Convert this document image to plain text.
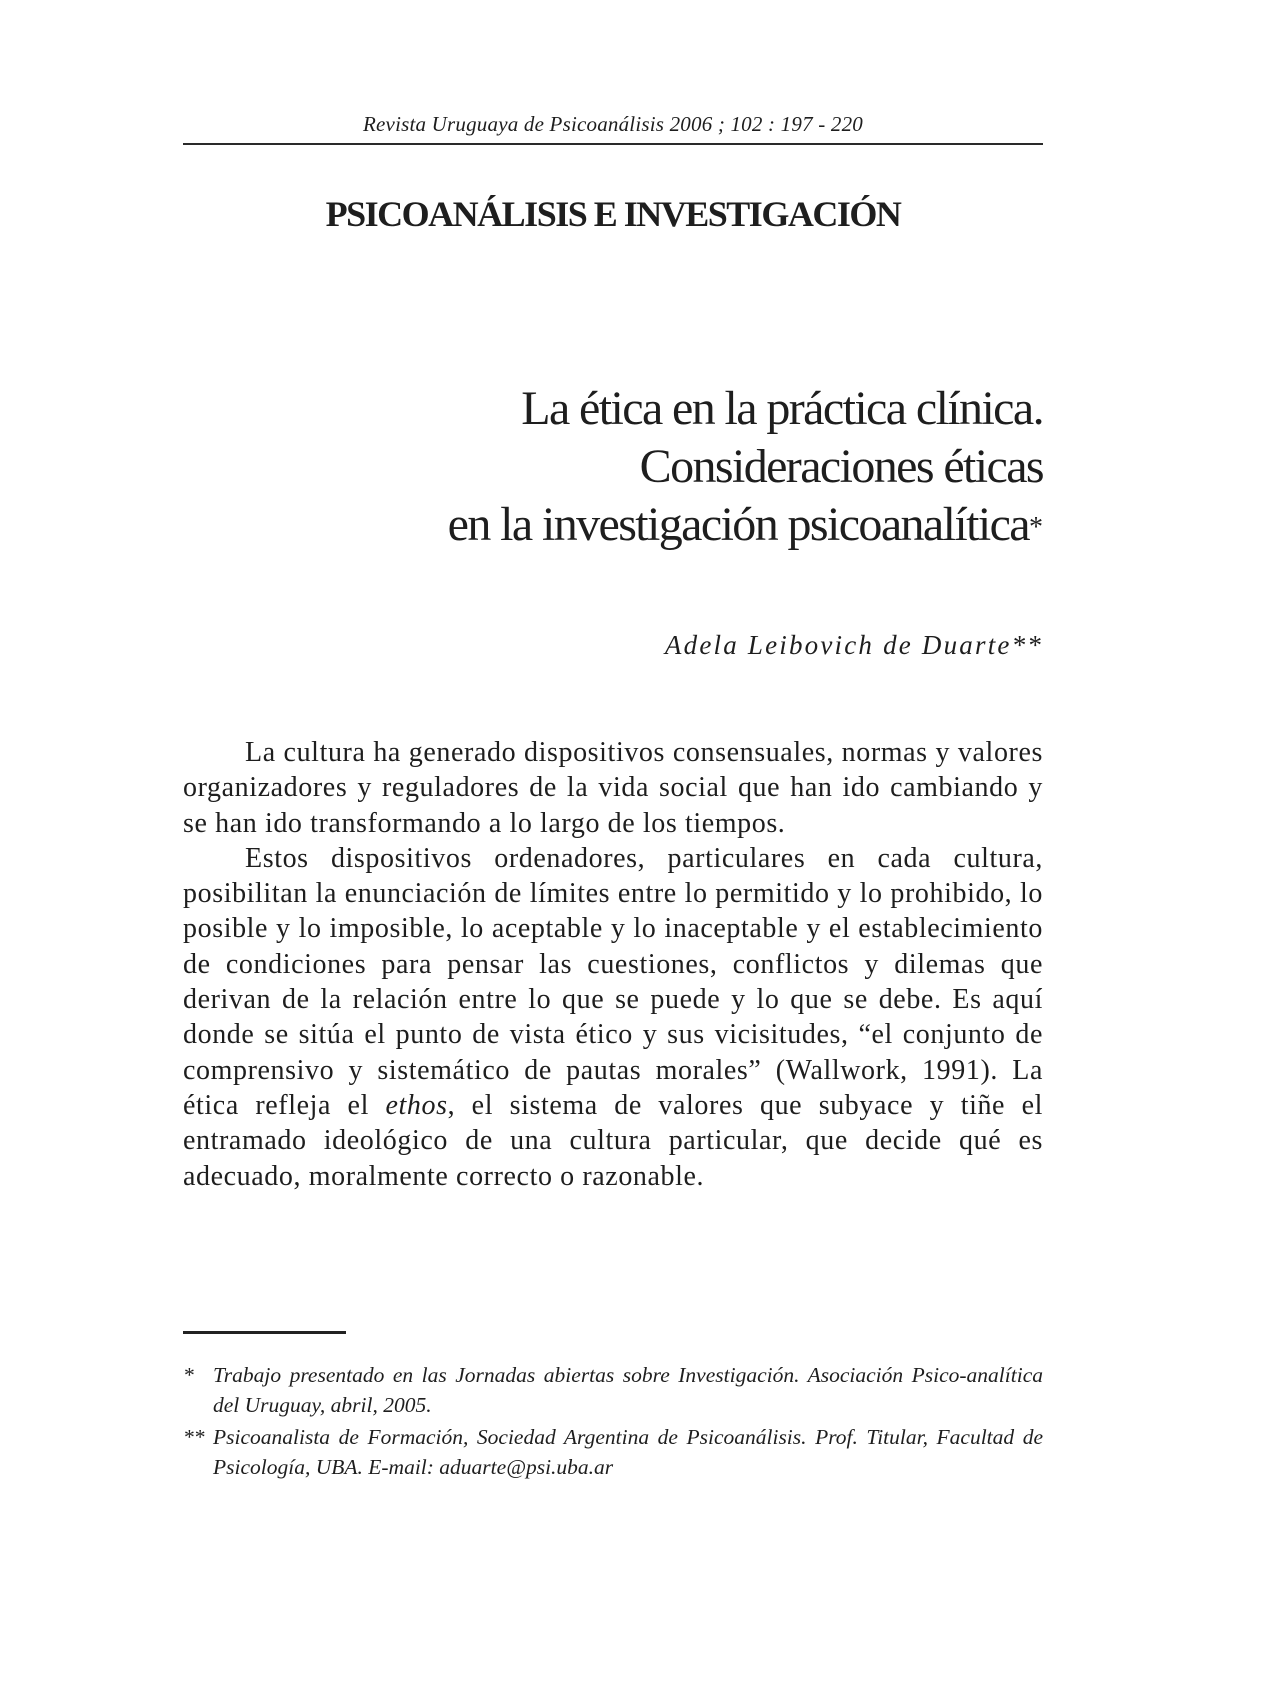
Revista Uruguaya de Psicoanálisis 2006 ; 102 : 197 - 220
PSICOANÁLISIS E INVESTIGACIÓN
La ética en la práctica clínica.
Consideraciones éticas
en la investigación psicoanalítica*
Adela Leibovich de Duarte**

La cultura ha generado dispositivos consensuales, normas y valores organizadores y reguladores de la vida social que han ido cambiando y se han ido transformando a lo largo de los tiempos.

Estos dispositivos ordenadores, particulares en cada cultura, posibilitan la enunciación de límites entre lo permitido y lo prohibido, lo posible y lo imposible, lo aceptable y lo inaceptable y el establecimiento de condiciones para pensar las cuestiones, conflictos y dilemas que derivan de la relación entre lo que se puede y lo que se debe. Es aquí donde se sitúa el punto de vista ético y sus vicisitudes, “el conjunto de comprensivo y sistemático de pautas morales” (Wallwork, 1991). La ética refleja el ethos, el sistema de valores que subyace y tiñe el entramado ideológico de una cultura particular, que decide qué es adecuado, moralmente correcto o razonable.

* Trabajo presentado en las Jornadas abiertas sobre Investigación. Asociación Psico-analítica del Uruguay, abril, 2005.

** Psicoanalista de Formación, Sociedad Argentina de Psicoanálisis. Prof. Titular, Facultad de Psicología, UBA. E-mail: aduarte@psi.uba.ar
